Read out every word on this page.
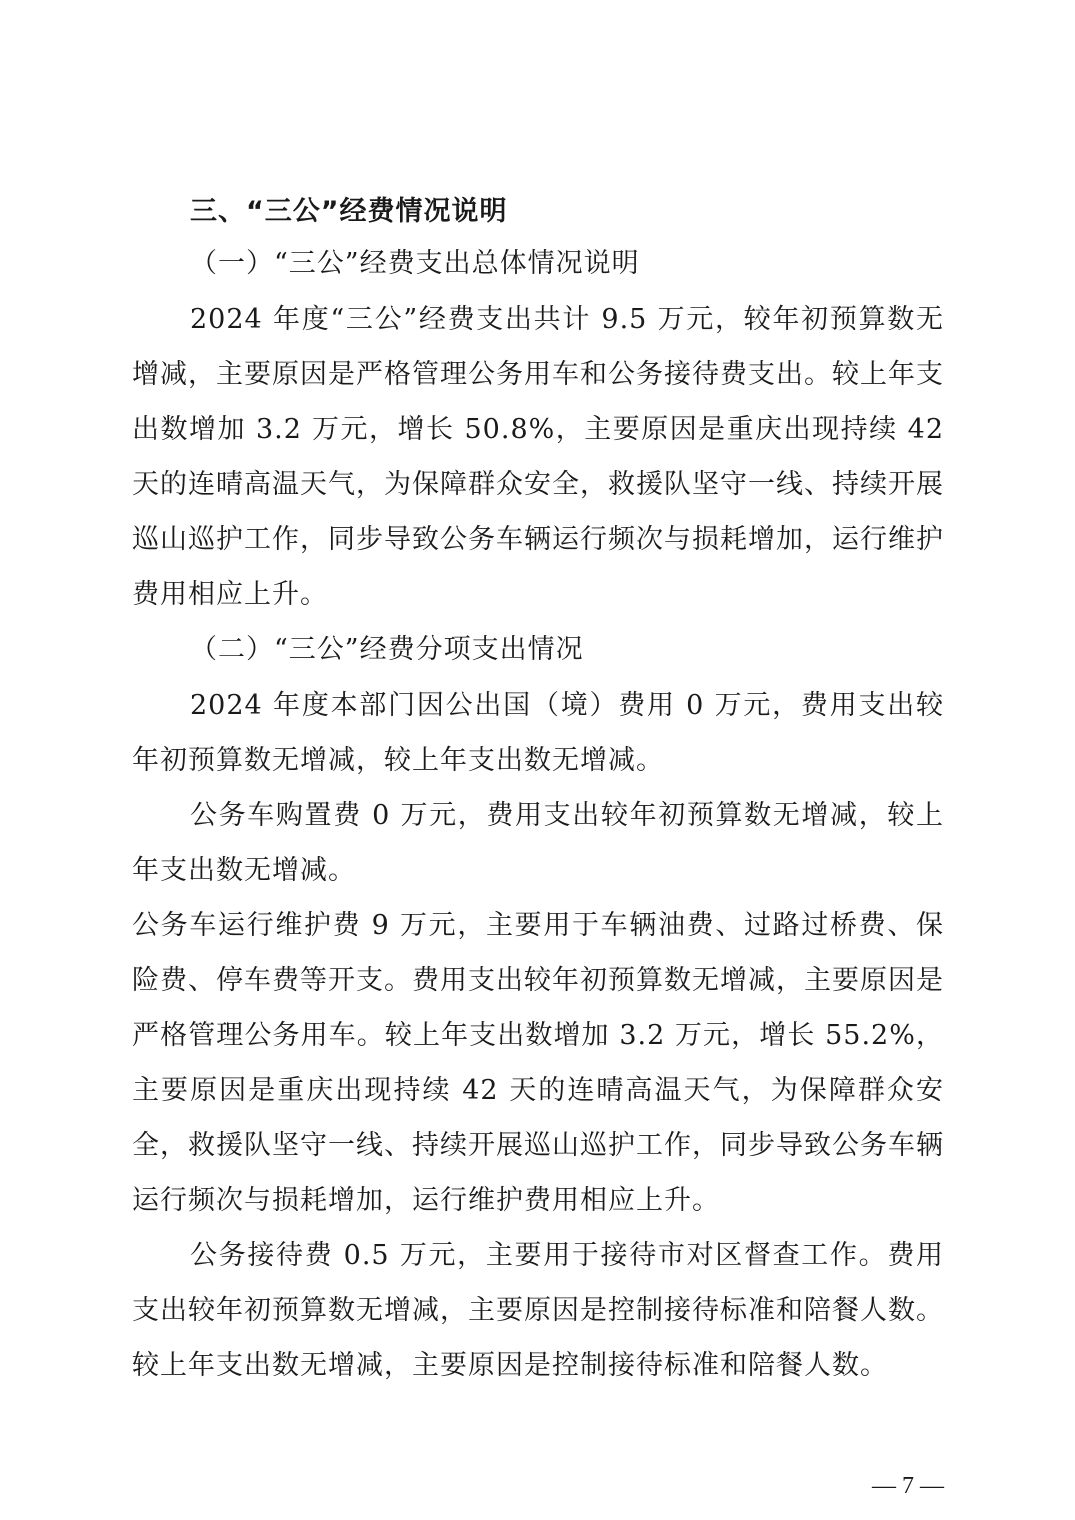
三、“三公”经费情况说明
（一）“三公”经费支出总体情况说明

2024 年度“三公”经费支出共计 9.5 万元，较年初预算数无增减，主要原因是严格管理公务用车和公务接待费支出。较上年支出数增加 3.2 万元，增长 50.8%，主要原因是重庆出现持续 42 天的连晴高温天气，为保障群众安全，救援队坚守一线、持续开展巡山巡护工作，同步导致公务车辆运行频次与损耗增加，运行维护费用相应上升。

（二）“三公”经费分项支出情况

2024 年度本部门因公出国（境）费用 0 万元，费用支出较年初预算数无增减，较上年支出数无增减。

公务车购置费 0 万元，费用支出较年初预算数无增减，较上年支出数无增减。

公务车运行维护费 9 万元，主要用于车辆油费、过路过桥费、保险费、停车费等开支。费用支出较年初预算数无增减，主要原因是严格管理公务用车。较上年支出数增加 3.2 万元，增长 55.2%，主要原因是重庆出现持续 42 天的连晴高温天气，为保障群众安全，救援队坚守一线、持续开展巡山巡护工作，同步导致公务车辆运行频次与损耗增加，运行维护费用相应上升。

公务接待费 0.5 万元，主要用于接待市对区督查工作。费用支出较年初预算数无增减，主要原因是控制接待标准和陪餐人数。较上年支出数无增减，主要原因是控制接待标准和陪餐人数。

— 7 —
